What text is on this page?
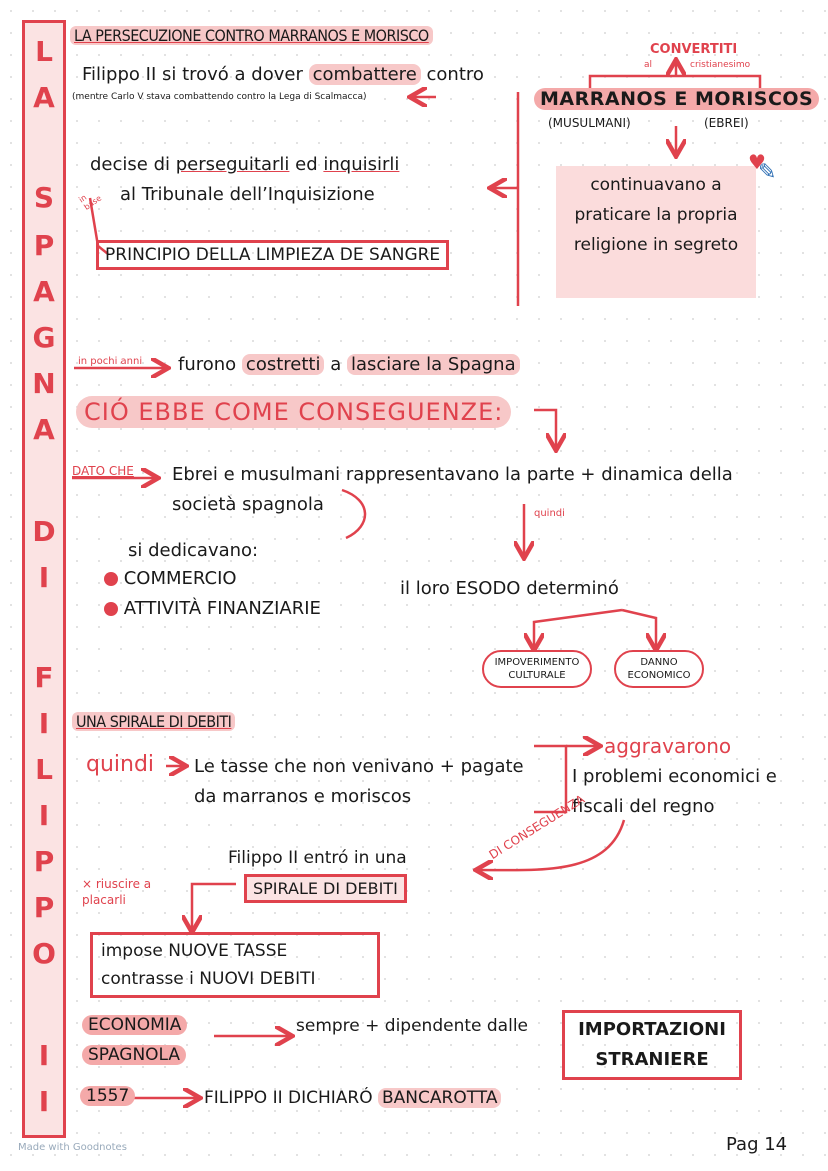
L
A
S
P
A
G
N
A
D
I
F
I
L
I
P
P
O
I
I
LA PERSECUZIONE CONTRO MARRANOS E MORISCO
Filippo II si trovó a dover combattere contro
(mentre Carlo V stava combattendo contro la Lega di Scalmacca)
CONVERTITI
al	cristianesimo
MARRANOS E MORISCOS
(MUSULMANI)	(EBREI)
continuavano a praticare la propria religione in segreto
♥
✎
decise di perseguitarli ed inquisirli
in base al Tribunale dell’Inquisizione
PRINCIPIO DELLA LIMPIEZA DE SANGRE
in pochi anni furono costretti a lasciare la Spagna
CIÓ EBBE COME CONSEGUENZE:
DATO CHE Ebrei e musulmani rappresentavano la parte + dinamica della società spagnola	quindi
si dedicavano:
COMMERCIO
ATTIVITÀ FINANZIARIE
il loro ESODO determinó
IMPOVERIMENTO CULTURALE
DANNO ECONOMICO
UNA SPIRALE DI DEBITI
quindi Le tasse che non venivano + pagate da marranos e moriscos
aggravarono
I problemi economici e fiscali del regno
DI CONSEGUENZA
Filippo II entró in una
SPIRALE DI DEBITI
× riuscire a placarli
impose NUOVE TASSE
contrasse i NUOVI DEBITI
ECONOMIA
SPAGNOLA
sempre + dipendente dalle	IMPORTAZIONI
STRANIERE
1557	FILIPPO II DICHIARÓ BANCAROTTA
Made with Goodnotes	Pag 14
